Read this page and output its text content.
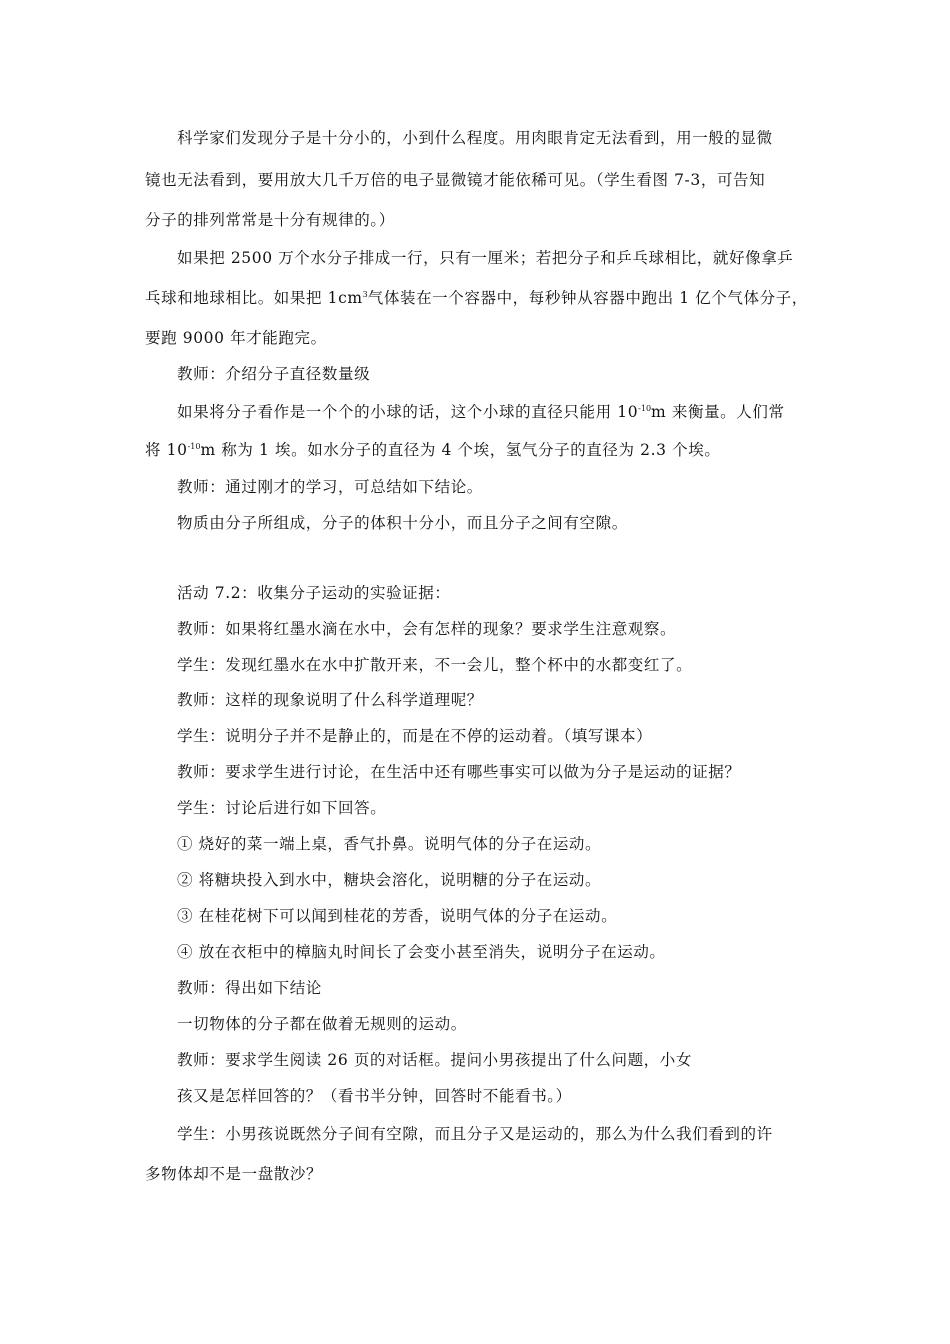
科学家们发现分子是十分小的，小到什么程度。用肉眼肯定无法看到，用一般的显微
镜也无法看到，要用放大几千万倍的电子显微镜才能依稀可见。（学生看图 7-3，可告知
分子的排列常常是十分有规律的。）
如果把 2500 万个水分子排成一行，只有一厘米；若把分子和乒乓球相比，就好像拿乒
乓球和地球相比。如果把 $1cm^3$气体装在一个容器中，每秒钟从容器中跑出 1 亿个气体分子，
要跑 9000 年才能跑完。
教师：介绍分子直径数量级
如果将分子看作是一个个的小球的话，这个小球的直径只能用 $10^{-10}m$ 来衡量。人们常
将 $10^{-10}m$ 称为 1 埃。如水分子的直径为 4 个埃，氢气分子的直径为 2.3 个埃。
教师：通过刚才的学习，可总结如下结论。
物质由分子所组成，分子的体积十分小，而且分子之间有空隙。
活动 7.2：收集分子运动的实验证据：
教师：如果将红墨水滴在水中，会有怎样的现象？要求学生注意观察。
学生：发现红墨水在水中扩散开来，不一会儿，整个杯中的水都变红了。
教师：这样的现象说明了什么科学道理呢？
学生：说明分子并不是静止的，而是在不停的运动着。（填写课本）
教师：要求学生进行讨论，在生活中还有哪些事实可以做为分子是运动的证据？
学生：讨论后进行如下回答。
① 烧好的菜一端上桌，香气扑鼻。说明气体的分子在运动。
② 将糖块投入到水中，糖块会溶化，说明糖的分子在运动。
③ 在桂花树下可以闻到桂花的芳香，说明气体的分子在运动。
④ 放在衣柜中的樟脑丸时间长了会变小甚至消失，说明分子在运动。
教师：得出如下结论
一切物体的分子都在做着无规则的运动。
教师：要求学生阅读 26 页的对话框。提问小男孩提出了什么问题，小女
孩又是怎样回答的？（看书半分钟，回答时不能看书。）
学生：小男孩说既然分子间有空隙，而且分子又是运动的，那么为什么我们看到的许
多物体却不是一盘散沙？
